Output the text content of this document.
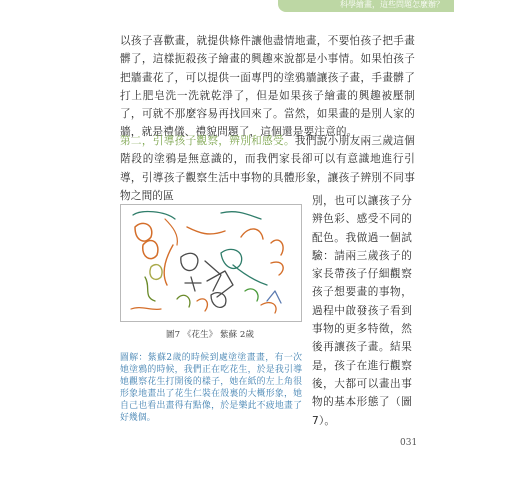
科學繪畫，這些問題怎麼辦？

以孩子喜歡畫，就提供條件讓他盡情地畫，不要怕孩子把手畫髒了，這樣扼殺孩子繪畫的興趣來說都是小事情。如果怕孩子把牆畫花了，可以提供一面專門的塗鴉牆讓孩子畫，手畫髒了打上肥皂洗一洗就乾淨了，但是如果孩子繪畫的興趣被壓制了，可就不那麼容易再找回來了。當然，如果畫的是別人家的牆，就是禮儀、禮貌問題了，這個還是要注意的。

第二，引導孩子觀察，辨別和感受。我們說小朋友兩三歲這個階段的塗鴉是無意識的，而我們家長卻可以有意識地進行引導，引導孩子觀察生活中事物的具體形象，讓孩子辨別不同事物之間的區	別，也可以讓孩子分辨色彩、感受不同的配色。我做過一個試驗：請兩三歲孩子的家長帶孩子仔細觀察孩子想要畫的事物，過程中啟發孩子看到事物的更多特徵，然後再讓孩子畫。結果是，孩子在進行觀察後，大都可以畫出事物的基本形態了（圖7）。

圖7 《花生》 紫蘇 2歲

圖解：紫蘇2歲的時候到處塗塗畫畫，有一次她塗鴉的時候，我們正在吃花生，於是我引導她觀察花生打開後的樣子，她在紙的左上角很形象地畫出了花生仁裝在殼裏的大概形象，她自己也看出畫得有點像，於是樂此不疲地畫了好幾個。

031
